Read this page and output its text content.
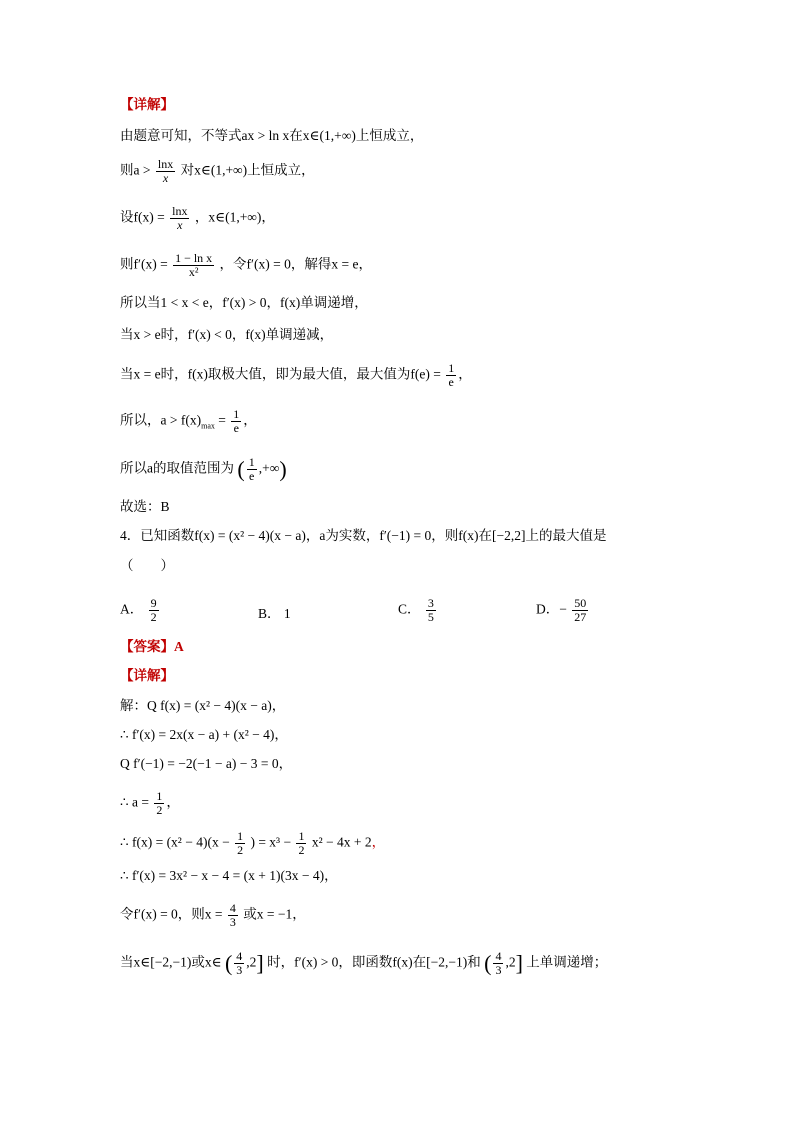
【详解】
由题意可知，不等式ax > ln x在x∈(1,+∞)上恒成立，
则$a > \frac{\ln x}{x}$ 对x∈(1,+∞)上恒成立，
设$f(x) = \frac{\ln x}{x}$ ，x∈(1,+∞)，
则$f'(x) = \frac{\text{1 − ln x}}{\text{x²}}$ ，令f′(x) = 0，解得x = e，
所以当1 < x < e，f′(x) > 0，f(x)单调递增，
当x > e时，f′(x) < 0，f(x)单调递减，
当x = e时，f(x)取极大值，即为最大值，最大值为$f(e) = \frac{1}{e}$ ，
所以，$a > f(x)_{max} = \frac{1}{e}$ ，
所以a的取值范围为 ( $\frac{1}{e}$ ,+∞)
故选：B
4．已知函数f(x) = (x² − 4)(x − a)，a为实数，f′(−1) = 0，则f(x)在[−2,2]上的最大值是
（　　）
A． $\frac{9}{2}$	B． 1	C． $\frac{3}{5}$	D．− $\frac{50}{27}$
【答案】A
【详解】
解：Q f(x) = (x² − 4)(x − a)，
∴ f′(x) = 2x(x − a) + (x² − 4)，
Q f′(−1) = −2(−1 − a) − 3 = 0，
∴ $a = \frac{1}{2}$ ，
∴ $f(x) = (x^2 - 4)(x - \frac{1}{2}$ ) = $x^3 - \frac{1}{2} x^2 - 4x + 2$，
∴ f′(x) = 3x² − x − 4 = (x + 1)(3x − 4)，
令f′(x) = 0，则$x = \frac{4}{3}$ 或x = −1，
当x∈[−2,−1)或x∈ ( $\frac{4}{3} ,2$] 时，f′(x) > 0，即函数f(x)在[−2,−1)和 ( $\frac{4}{3} ,2$] 上单调递增；
